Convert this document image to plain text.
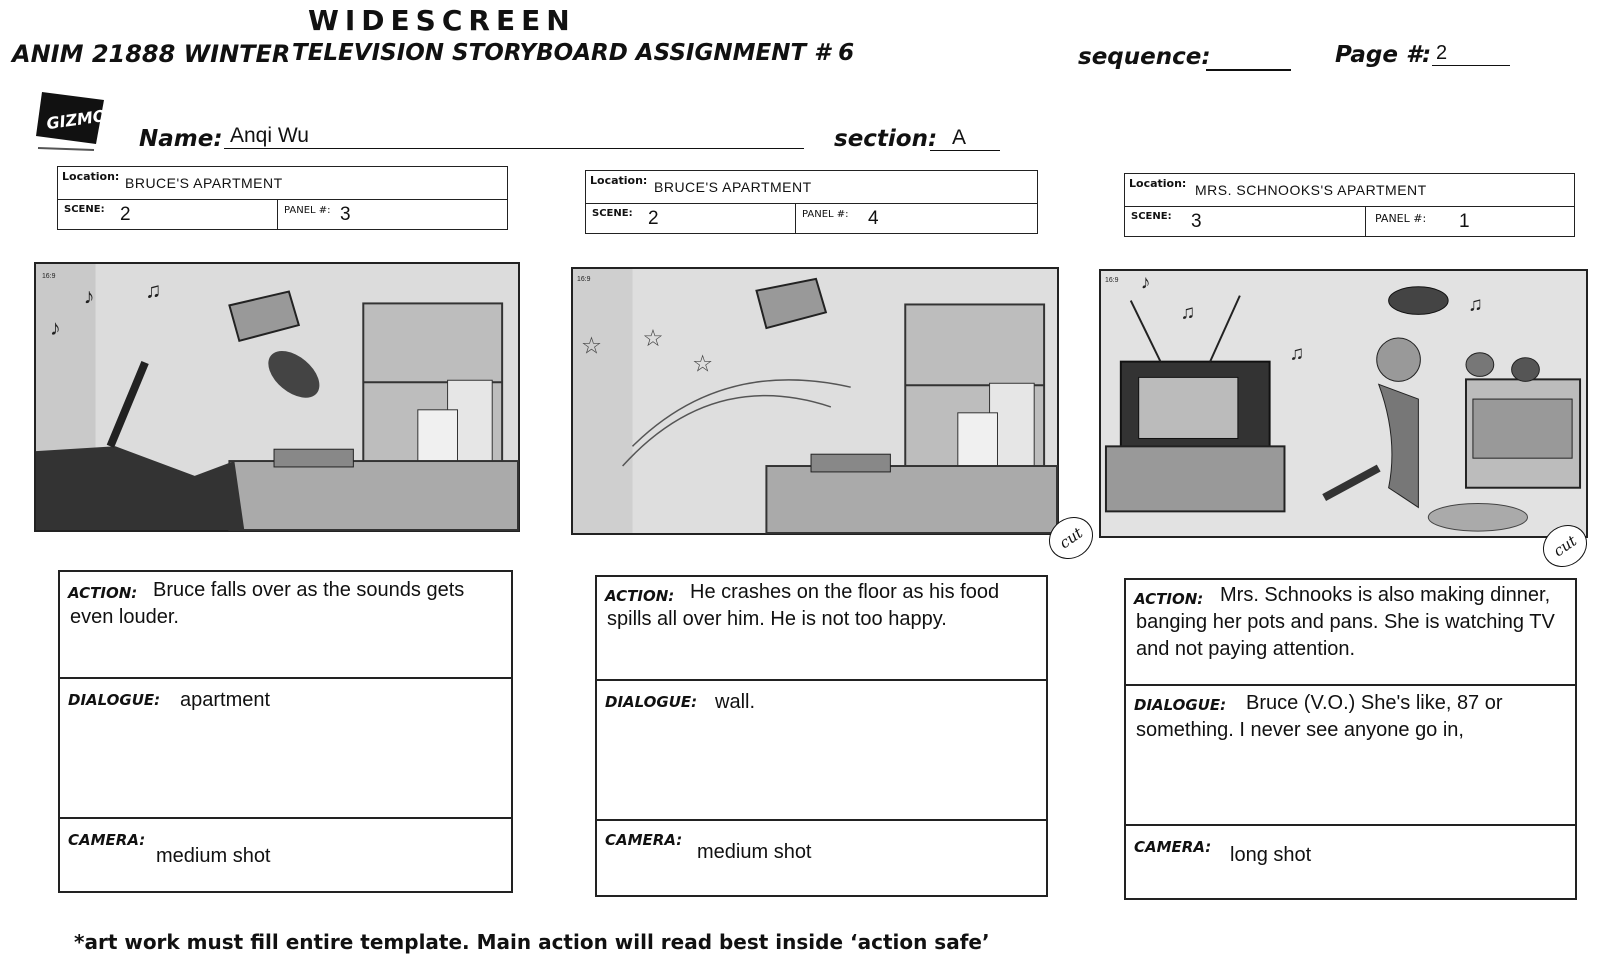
WIDESCREEN
ANIM 21888 WINTER TELEVISION STORYBOARD ASSIGNMENT # 6	sequence:	Page #: 2
GIZMO'S
Name: Anqi Wu	section: A
Location: BRUCE'S APARTMENT
SCENE: 2	PANEL #: 3
♪
♪ ♫
16:9
ACTION: Bruce falls over as the sounds gets even louder.
DIALOGUE: apartment
CAMERA:
medium shot
Location: BRUCE'S APARTMENT
SCENE: 2	PANEL #: 4
☆ ☆
☆
16:9
cut
ACTION: He crashes on the floor as his food spills all over him. He is not too happy.
DIALOGUE: wall.
CAMERA:
medium shot
Location: MRS. SCHNOOKS'S APARTMENT
SCENE: 3	PANEL #: 1
♪
♫
♫
♫
16:9
cut
ACTION: Mrs. Schnooks is also making dinner, banging her pots and pans. She is watching TV and not paying attention.
DIALOGUE: Bruce (V.O.) She's like, 87 or something. I never see anyone go in,
CAMERA: long shot
*art work must fill entire template. Main action will read best inside ‘action safe’
